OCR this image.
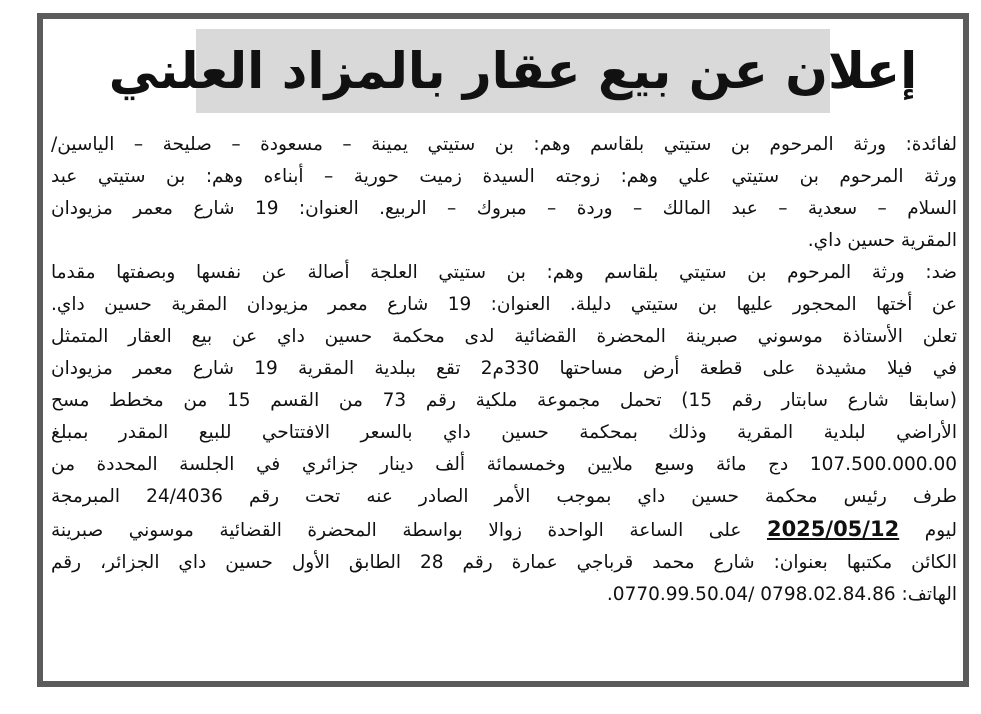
إعلان عن بيع عقار بالمزاد العلني
لفائدة: ورثة المرحوم بن ستيتي بلقاسم وهم: بن ستيتي يمينة – مسعودة – صليحة – الياسين/
ورثة المرحوم بن ستيتي علي وهم: زوجته السيدة زميت حورية – أبناءه وهم: بن ستيتي عبد
السلام – سعدية – عبد المالك – وردة – مبروك – الربيع. العنوان: 19 شارع معمر مزيودان
المقرية حسين داي.
ضد: ورثة المرحوم بن ستيتي بلقاسم وهم: بن ستيتي العلجة أصالة عن نفسها وبصفتها مقدما
عن أختها المحجور عليها بن ستيتي دليلة. العنوان: 19 شارع معمر مزيودان المقرية حسين داي.
تعلن الأستاذة موسوني صبرينة المحضرة القضائية لدى محكمة حسين داي عن بيع العقار المتمثل
في فيلا مشيدة على قطعة أرض مساحتها 330م2 تقع ببلدية المقرية 19 شارع معمر مزيودان
(سابقا شارع سابتار رقم 15) تحمل مجموعة ملكية رقم 73 من القسم 15 من مخطط مسح
الأراضي لبلدية المقرية وذلك بمحكمة حسين داي بالسعر الافتتاحي للبيع المقدر بمبلغ
107.500.000.00 دج مائة وسبع ملايين وخمسمائة ألف دينار جزائري في الجلسة المحددة من
طرف رئيس محكمة حسين داي بموجب الأمر الصادر عنه تحت رقم 24/4036 المبرمجة
ليوم 2025/05/12 على الساعة الواحدة زوالا بواسطة المحضرة القضائية موسوني صبرينة
الكائن مكتبها بعنوان: شارع محمد قرباجي عمارة رقم 28 الطابق الأول حسين داي الجزائر، رقم
الهاتف: 0798.02.84.86 /0770.99.50.04.
